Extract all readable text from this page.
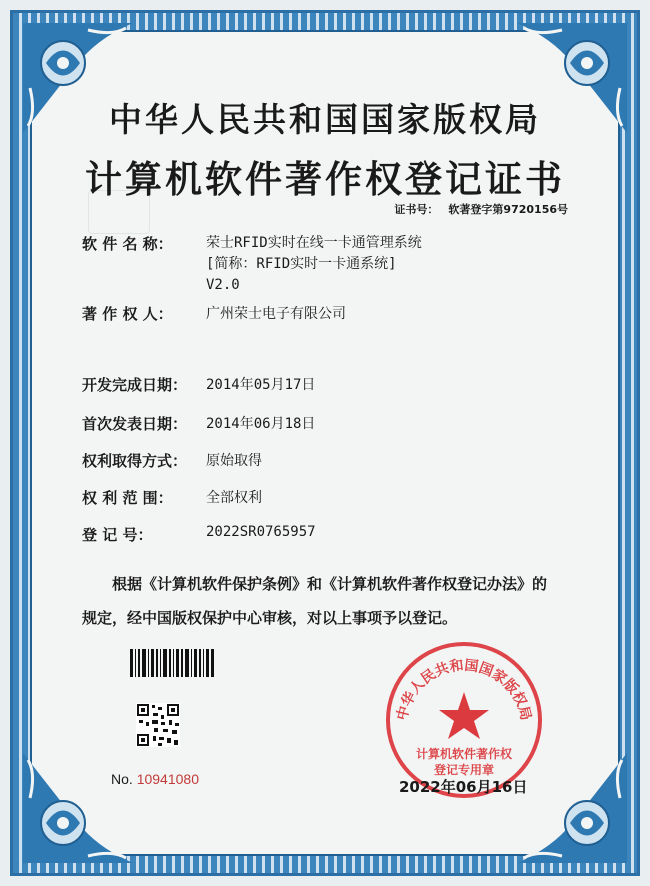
中华人民共和国国家版权局
计算机软件著作权登记证书
证书号： 软著登字第9720156号
软 件 名 称：	荣士RFID实时在线一卡通管理系统
[简称：RFID实时一卡通系统]
V2.0
著 作 权 人：	广州荣士电子有限公司
开发完成日期： 2014年05月17日
首次发表日期： 2014年06月18日
权利取得方式： 原始取得
权 利 范 围：	全部权利
登 记 号：	2022SR0765957
根据《计算机软件保护条例》和《计算机软件著作权登记办法》的
规定，经中国版权保护中心审核，对以上事项予以登记。
No. 10941080
中华人民共和国国家版权局
计算机软件著作权
登记专用章
2022年06月16日
